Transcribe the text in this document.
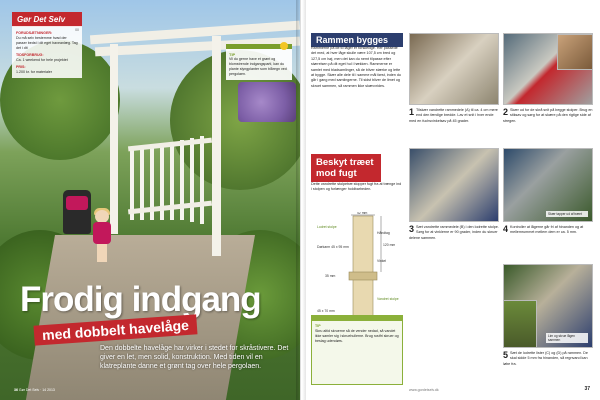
Gør Det Selv
00
FORUDSÆTNINGER:
Du må selv bestemme hvad der passer bedst i dit eget haveanlæg. Tag det i dit
TIDSFORBRUG:
Ca. 1 weekend for hele projektet
PRIS:
1.200 kr. for materialer
TIP
Vil du gerne have et grønt og blomstrende indgangsparti, kan du plante slyngplanter som blåregn ved pergolaen.
Frodig indgang
med dobbelt havelåge
Den dobbelte havelåge har virker i stedet for skråstivere. Det giver en let, men solid, konstruktion. Med tiden vil en klatreplante danne et grønt tag over hele pergolaen.
36 Gør Det Selv · 14 2013
Rammen bygges
Rammerne på de to låger er forskellige. Her passede det med, at hver låge skulle være 107,5 cm bred og 127,5 cm høj, men det kan du nemt tilpasse efter størrelsen på dit eget hul i hækken. Rammerne er samlet med bladsamlinger, så de bliver stærke og lette at bygge. Skær alle dele til i samme mål først, inden du går i gang med samlingerne. Til sidst bliver de limet og skruet sammen, så rammen ikke skævvrides.
1 Tilskær vandrette rammedele (A) til ca. 4 cm mere end den færdige bredde. Lav et snit i hver ende med en fuchsvinkelsav på 45 grader.
2 Skær ud for de skrå snit på begge stolper. Brug en stiksav og sørg for at skære på den rigtige side af stregen.
Skær tapper ud af træet
3 Sæt vandrette rammedele (B) i den lodrette stolpe. Sørg for at vinklerne er 90 grader, inden du skruer delene sammen.
4 Kontroller at lågerne går fri af hinanden og at mellemrummet mellem dem er ca. 5 mm.
Lim og skrue lågen sammen
5 Sæt de lodrette lister (C) og (D) på rammen. De skal sidde 5 mm fra hinanden, så regnvand kan løbe fra.
Beskyt træet mod fugt
Dette vandrette stolpetræ stopper fugt fra at trænge ind i stolpen og forlænger holdbarheden.
42 mm
Lodret stolpe
Dørkarm 45 x 95 mm
Håndtag
Vinkel
120 mm
35 mm
Vandret stolpe
45 x 70 mm
TIP
Skru altid skruerne så de vender nedad, så vandet ikke samler sig i skruehullerne. Brug rustfri skruer og beslag udendørs.
www.gordetselv.dk	37
